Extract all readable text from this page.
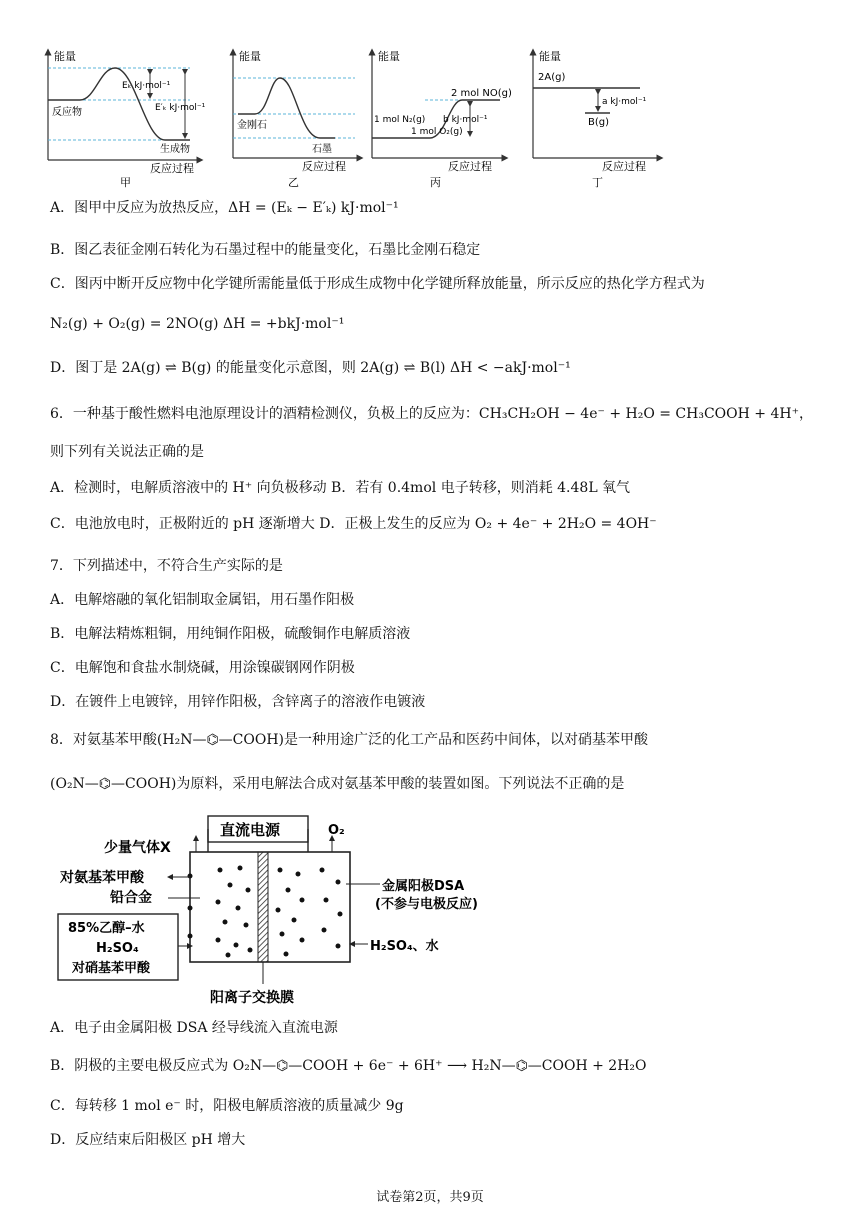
能量
反应过程
Eₖ kJ·mol⁻¹
E′ₖ kJ·mol⁻¹
反应物
生成物
甲
能量
反应过程
金刚石
石墨
乙
能量
反应过程
2 mol NO(g)
1 mol N₂(g)
1 mol O₂(g)
b kJ·mol⁻¹
丙
能量
反应过程
2A(g)
B(g)
a kJ·mol⁻¹
丁
A．图甲中反应为放热反应，ΔH = (Eₖ − E′ₖ) kJ·mol⁻¹
B．图乙表征金刚石转化为石墨过程中的能量变化，石墨比金刚石稳定
C．图丙中断开反应物中化学键所需能量低于形成生成物中化学键所释放能量，所示反应的热化学方程式为
N₂(g) + O₂(g) = 2NO(g) ΔH = +bkJ·mol⁻¹
D．图丁是 2A(g) ⇌ B(g) 的能量变化示意图，则 2A(g) ⇌ B(l) ΔH < −akJ·mol⁻¹
6．一种基于酸性燃料电池原理设计的酒精检测仪，负极上的反应为：CH₃CH₂OH − 4e⁻ + H₂O = CH₃COOH + 4H⁺，
则下列有关说法正确的是
A．检测时，电解质溶液中的 H⁺ 向负极移动 B．若有 0.4mol 电子转移，则消耗 4.48L 氧气
C．电池放电时，正极附近的 pH 逐渐增大 D．正极上发生的反应为 O₂ + 4e⁻ + 2H₂O = 4OH⁻
7．下列描述中，不符合生产实际的是
A．电解熔融的氧化铝制取金属铝，用石墨作阳极
B．电解法精炼粗铜，用纯铜作阳极，硫酸铜作电解质溶液
C．电解饱和食盐水制烧碱，用涂镍碳钢网作阴极
D．在镀件上电镀锌，用锌作阳极，含锌离子的溶液作电镀液
8．对氨基苯甲酸(H₂N—⌬—COOH)是一种用途广泛的化工产品和医药中间体，以对硝基苯甲酸
(O₂N—⌬—COOH)为原料，采用电解法合成对氨基苯甲酸的装置如图。下列说法不正确的是
直流电源
阳离子交换膜
O₂
少量气体X
对氨基苯甲酸
铅合金
85%乙醇–水
H₂SO₄
对硝基苯甲酸
金属阳极DSA
(不参与电极反应)
H₂SO₄、水
A．电子由金属阳极 DSA 经导线流入直流电源
B．阴极的主要电极反应式为 O₂N—⌬—COOH + 6e⁻ + 6H⁺ ⟶ H₂N—⌬—COOH + 2H₂O
C．每转移 1 mol e⁻ 时，阳极电解质溶液的质量减少 9g
D．反应结束后阳极区 pH 增大
试卷第2页，共9页
